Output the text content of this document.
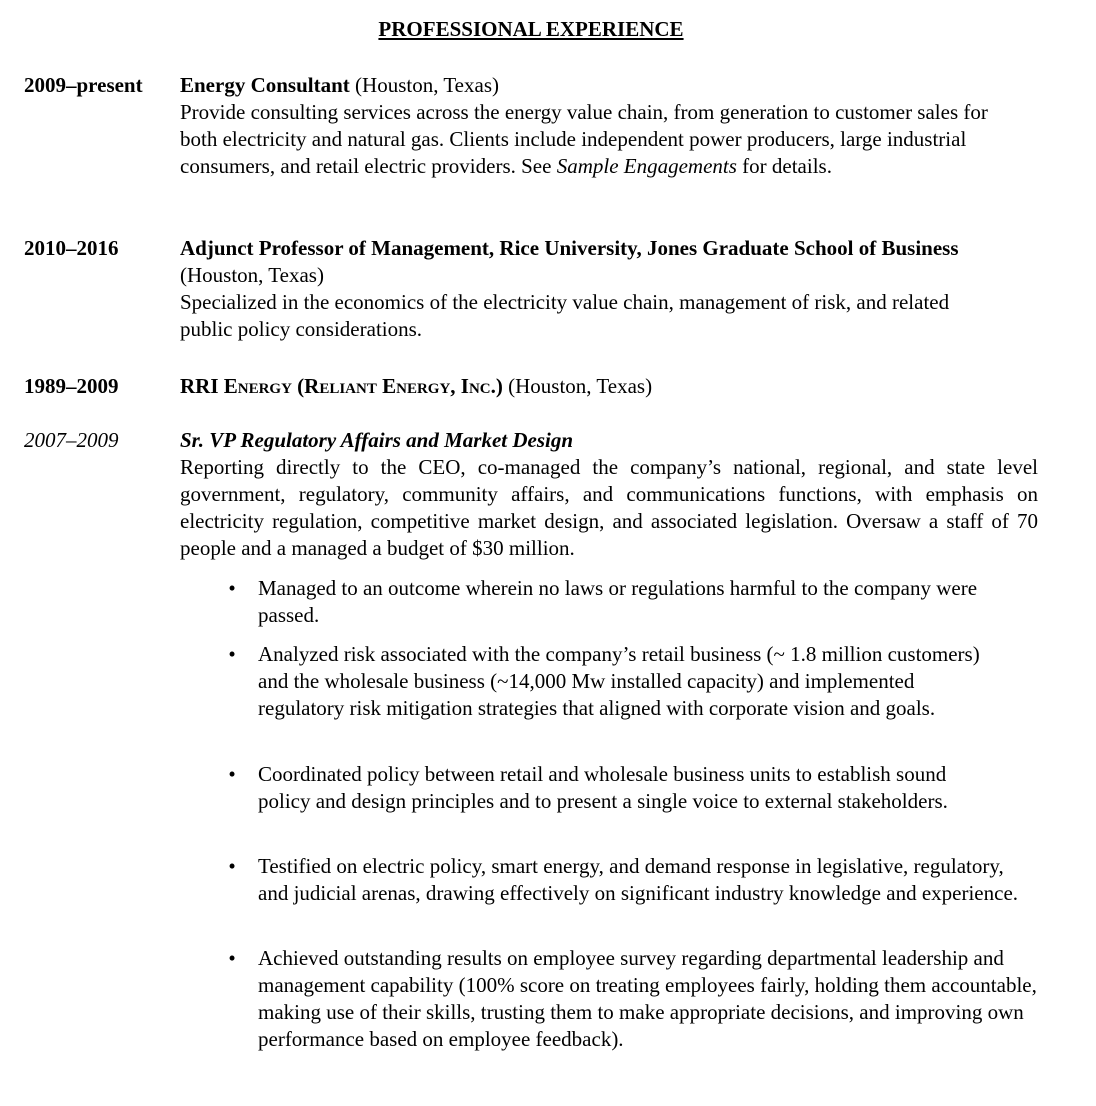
PROFESSIONAL EXPERIENCE
2009–present Energy Consultant (Houston, Texas)

Provide consulting services across the energy value chain, from generation to customer sales for both electricity and natural gas. Clients include independent power producers, large industrial consumers, and retail electric providers. See Sample Engagements for details.

2010–2016	Adjunct Professor of Management, Rice University, Jones Graduate School of Business (Houston, Texas)

Specialized in the economics of the electricity value chain, management of risk, and related public policy considerations.

1989–2009	RRI Energy (Reliant Energy, Inc.) (Houston, Texas)

2007–2009	Sr. VP Regulatory Affairs and Market Design

Reporting directly to the CEO, co-managed the company’s national, regional, and state level government, regulatory, community affairs, and communications functions, with emphasis on electricity regulation, competitive market design, and associated legislation. Oversaw a staff of 70 people and a managed a budget of $30 million.

•	Managed to an outcome wherein no laws or regulations harmful to the company were passed.
•	Analyzed risk associated with the company’s retail business (~ 1.8 million customers) and the wholesale business (~14,000 Mw installed capacity) and implemented regulatory risk mitigation strategies that aligned with corporate vision and goals.
•	Coordinated policy between retail and wholesale business units to establish sound policy and design principles and to present a single voice to external stakeholders.
•	Testified on electric policy, smart energy, and demand response in legislative, regulatory, and judicial arenas, drawing effectively on significant industry knowledge and experience.
•	Achieved outstanding results on employee survey regarding departmental leadership and management capability (100% score on treating employees fairly, holding them accountable, making use of their skills, trusting them to make appropriate decisions, and improving own performance based on employee feedback).
